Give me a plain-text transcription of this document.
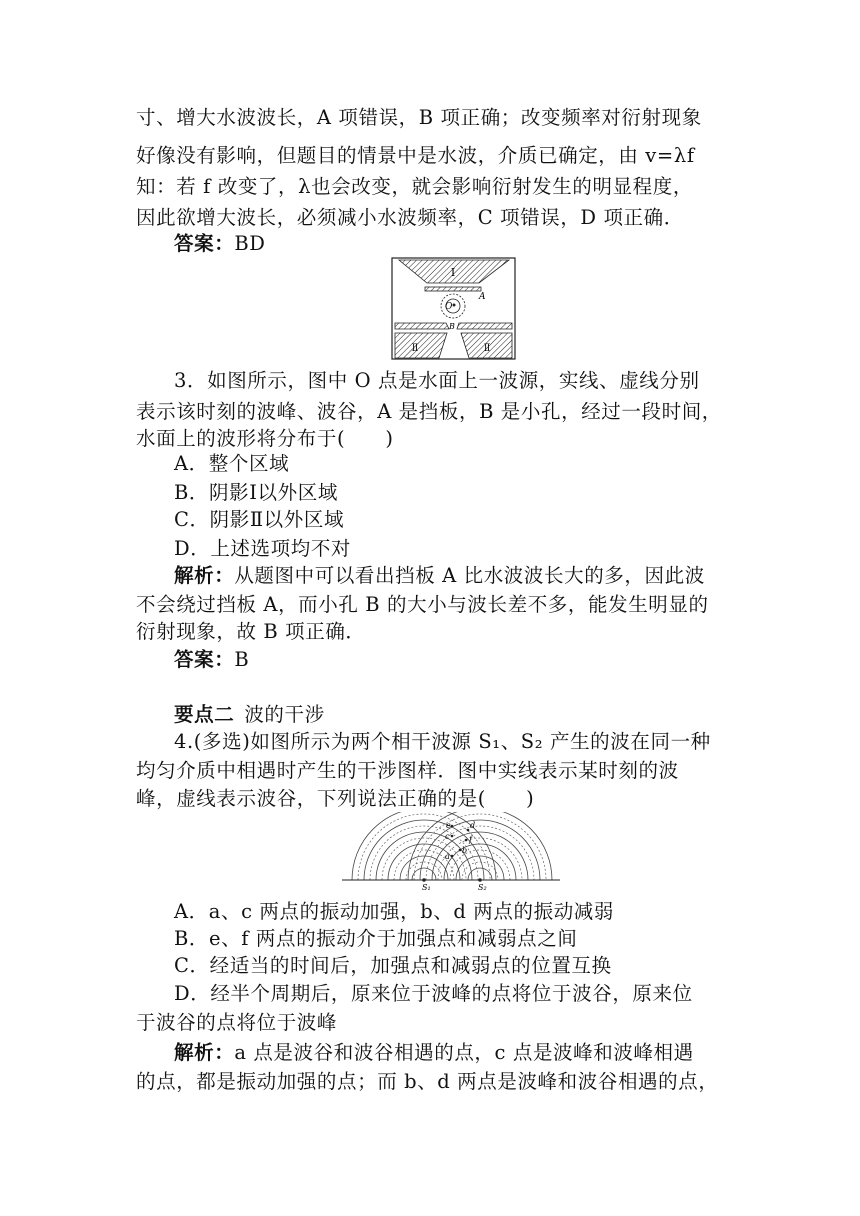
寸、增大水波波长，A 项错误，B 项正确；改变频率对衍射现象
好像没有影响，但题目的情景中是水波，介质已确定，由 v=λf
知：若 f 改变了，λ也会改变，就会影响衍射发生的明显程度，
因此欲增大波长，必须减小水波频率，C 项错误，D 项正确．
答案：BD
Ⅰ
A
O
B
Ⅱ	Ⅱ
3．如图所示，图中 O 点是水面上一波源，实线、虚线分别
表示该时刻的波峰、波谷，A 是挡板，B 是小孔，经过一段时间，
水面上的波形将分布于(　　)
A．整个区域
B．阴影Ⅰ以外区域
C．阴影Ⅱ以外区域
D．上述选项均不对
解析：从题图中可以看出挡板 A 比水波波长大的多，因此波
不会绕过挡板 A，而小孔 B 的大小与波长差不多，能发生明显的
衍射现象，故 B 项正确．
答案：B
要点二 波的干涉
4.(多选)如图所示为两个相干波源 S₁、S₂ 产生的波在同一种
均匀介质中相遇时产生的干涉图样．图中实线表示某时刻的波
峰，虚线表示波谷，下列说法正确的是(　　)
S₁	S₂
e d
c f
b
a
A．a、c 两点的振动加强，b、d 两点的振动减弱
B．e、f 两点的振动介于加强点和减弱点之间
C．经适当的时间后，加强点和减弱点的位置互换
D．经半个周期后，原来位于波峰的点将位于波谷，原来位
于波谷的点将位于波峰
解析：a 点是波谷和波谷相遇的点，c 点是波峰和波峰相遇
的点，都是振动加强的点；而 b、d 两点是波峰和波谷相遇的点，
